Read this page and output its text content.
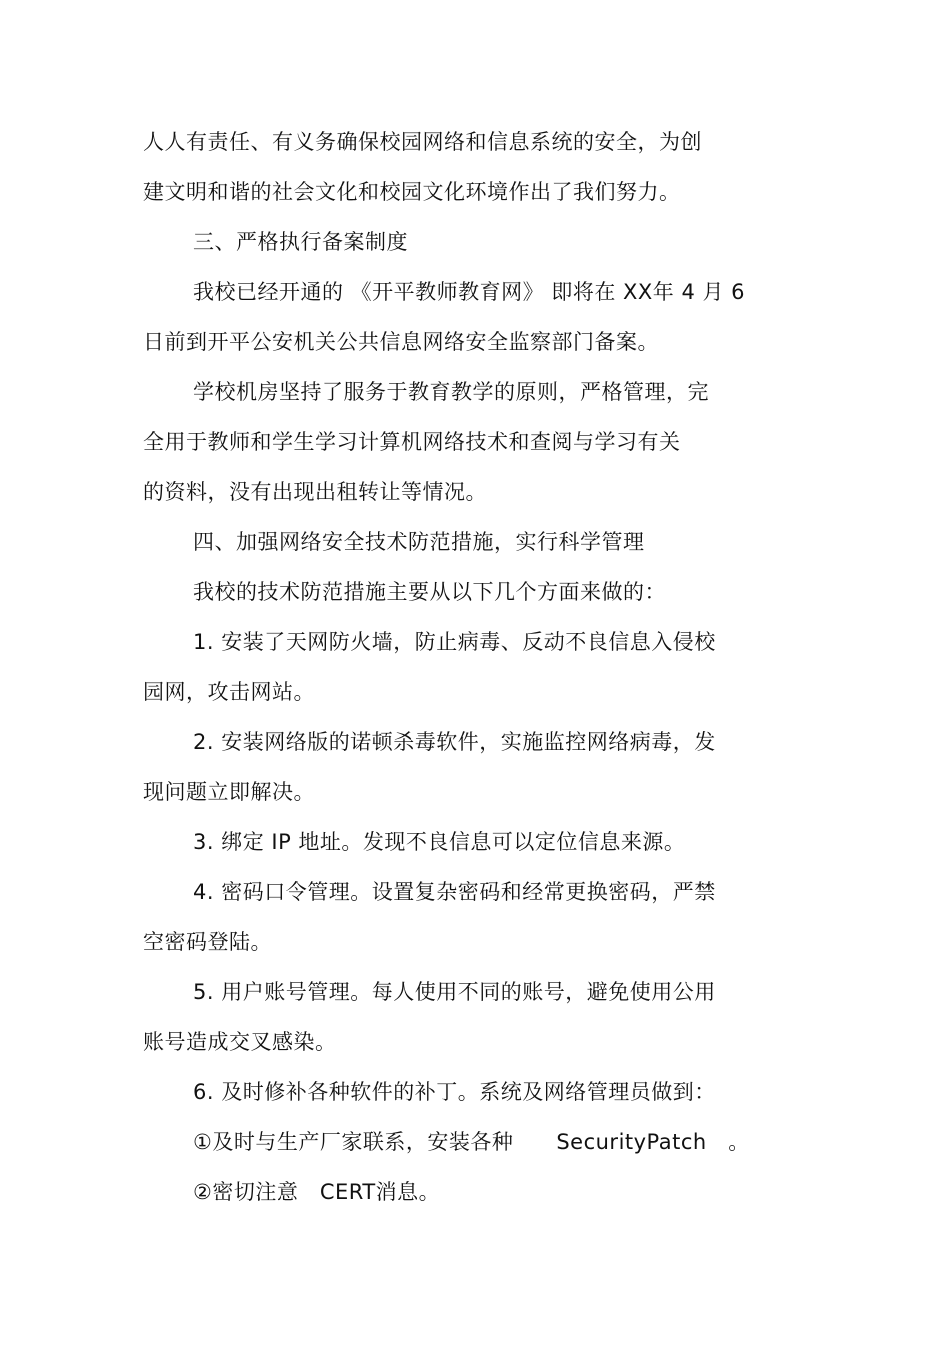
人人有责任、有义务确保校园网络和信息系统的安全，为创
建文明和谐的社会文化和校园文化环境作出了我们努力。
三、严格执行备案制度
我校已经开通的 《开平教师教育网》 即将在 XX年 4 月 6
日前到开平公安机关公共信息网络安全监察部门备案。
学校机房坚持了服务于教育教学的原则，严格管理，完
全用于教师和学生学习计算机网络技术和查阅与学习有关
的资料，没有出现出租转让等情况。
四、加强网络安全技术防范措施，实行科学管理
我校的技术防范措施主要从以下几个方面来做的：
1. 安装了天网防火墙，防止病毒、反动不良信息入侵校
园网，攻击网站。
2. 安装网络版的诺顿杀毒软件，实施监控网络病毒，发
现问题立即解决。
3. 绑定 IP 地址。发现不良信息可以定位信息来源。
4. 密码口令管理。设置复杂密码和经常更换密码，严禁
空密码登陆。
5. 用户账号管理。每人使用不同的账号，避免使用公用
账号造成交叉感染。
6. 及时修补各种软件的补丁。系统及网络管理员做到：
①及时与生产厂家联系，安装各种　　SecurityPatch　。
②密切注意　CERT消息。
